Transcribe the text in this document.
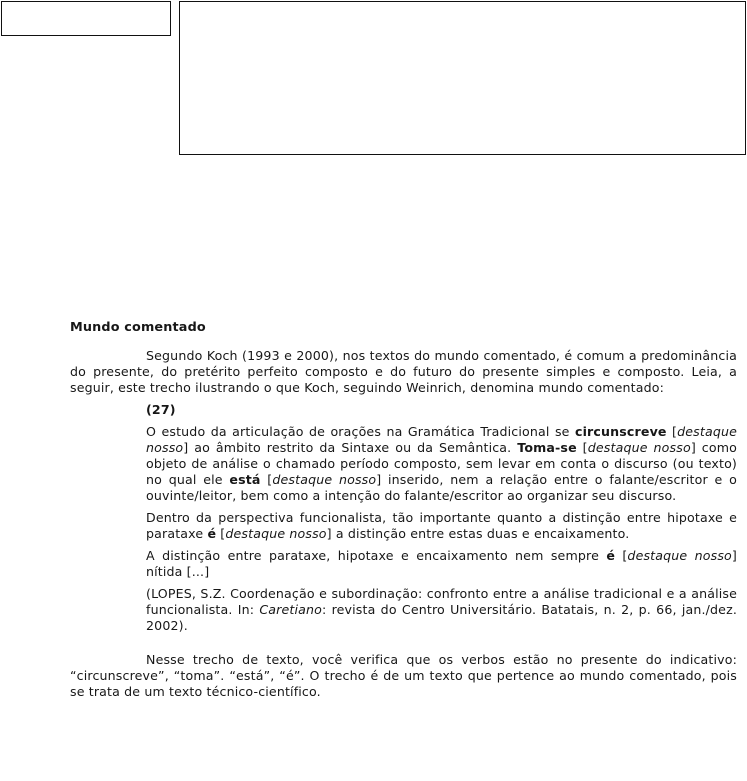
Mundo comentado

Segundo Koch (1993 e 2000), nos textos do mundo comentado, é comum a predominância do presente, do pretérito perfeito composto e do futuro do presente simples e composto. Leia, a seguir, este trecho ilustrando o que Koch, seguindo Weinrich, denomina mundo comentado:

(27)

O estudo da articulação de orações na Gramática Tradicional se circunscreve [destaque nosso] ao âmbito restrito da Sintaxe ou da Semântica. Toma-se [destaque nosso] como objeto de análise o chamado período composto, sem levar em conta o discurso (ou texto) no qual ele está [destaque nosso] inserido, nem a relação entre o falante/escritor e o ouvinte/leitor, bem como a intenção do falante/escritor ao organizar seu discurso.

Dentro da perspectiva funcionalista, tão importante quanto a distinção entre hipotaxe e parataxe é [destaque nosso] a distinção entre estas duas e encaixamento.

A distinção entre parataxe, hipotaxe e encaixamento nem sempre é [destaque nosso] nítida [...]

(LOPES, S.Z. Coordenação e subordinação: confronto entre a análise tradicional e a análise funcionalista. In: Caretiano: revista do Centro Universitário. Batatais, n. 2, p. 66, jan./dez. 2002).

Nesse trecho de texto, você verifica que os verbos estão no presente do indicativo: “circunscreve”, “toma”. “está”, “é”. O trecho é de um texto que pertence ao mundo comentado, pois se trata de um texto técnico-científico.
